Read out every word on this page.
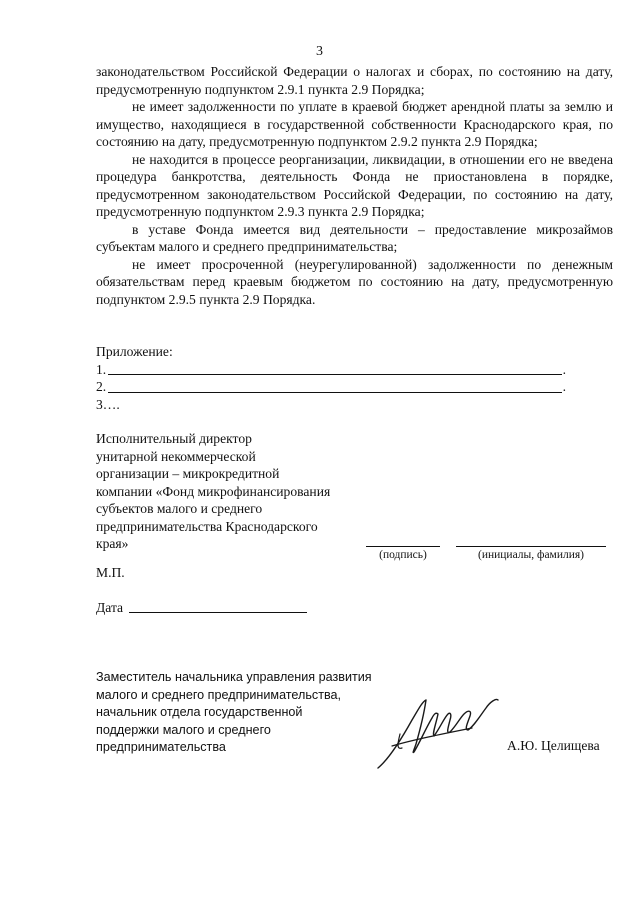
3

законодательством Российской Федерации о налогах и сборах, по состоянию на дату, предусмотренную подпунктом 2.9.1 пункта 2.9 Порядка;

не имеет задолженности по уплате в краевой бюджет арендной платы за землю и имущество, находящиеся в государственной собственности Краснодарского края, по состоянию на дату, предусмотренную подпунктом 2.9.2 пункта 2.9 Порядка;

не находится в процессе реорганизации, ликвидации, в отношении его не введена процедура банкротства, деятельность Фонда не приостановлена в порядке, предусмотренном законодательством Российской Федерации, по состоянию на дату, предусмотренную подпунктом 2.9.3 пункта 2.9 Порядка;

в уставе Фонда имеется вид деятельности – предоставление микрозаймов субъектам малого и среднего предпринимательства;

не имеет просроченной (неурегулированной) задолженности по денежным обязательствам перед краевым бюджетом по состоянию на дату, предусмотренную подпунктом 2.9.5 пункта 2.9 Порядка.

Приложение:
1.	.
2.	.
3….
Исполнительный директор
унитарной некоммерческой
организации – микрокредитной
компании «Фонд микрофинансирования
субъектов малого и среднего
предпринимательства Краснодарского
края»
(подпись)	(инициалы, фамилия)
М.П.
Дата
Заместитель начальника управления развития
малого и среднего предпринимательства,
начальник отдела государственной
поддержки малого и среднего
предпринимательства	А.Ю. Целищева
